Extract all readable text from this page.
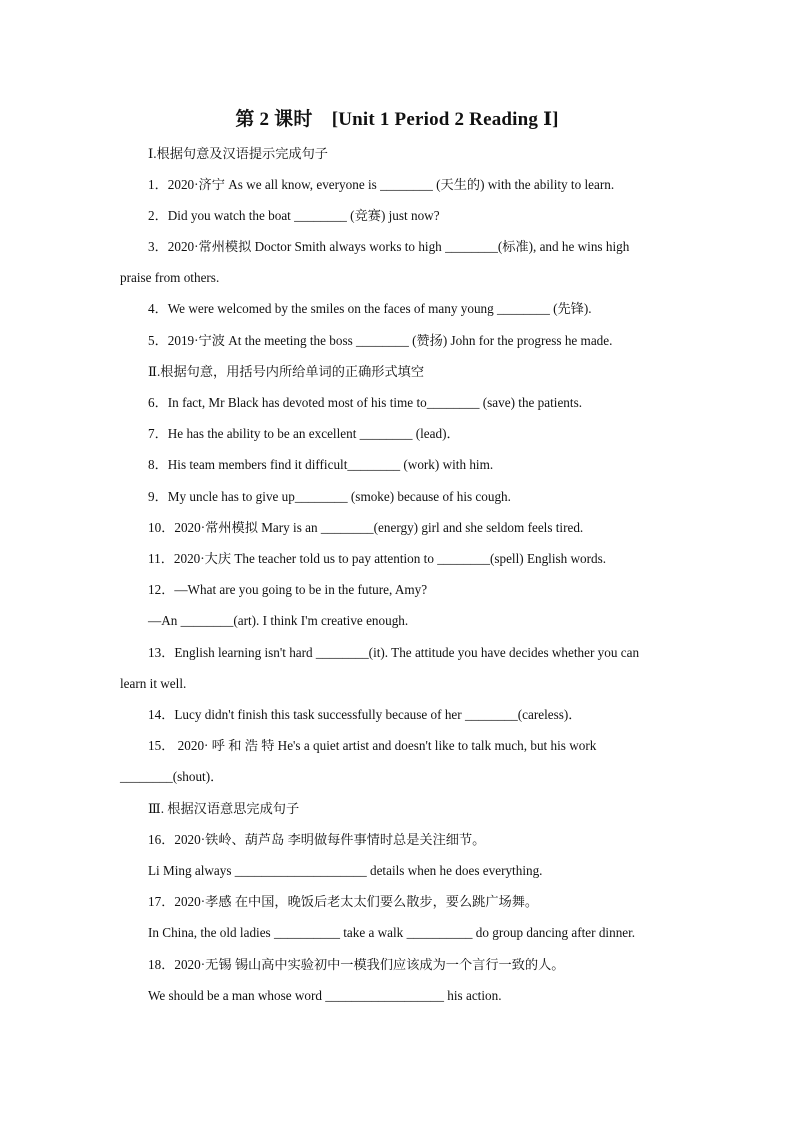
第 2 课时　[Unit 1 Period 2 Reading Ⅰ]
Ⅰ.根据句意及汉语提示完成句子
1．2020·济宁 As we all know, everyone is ________ (天生的) with the ability to learn.
2．Did you watch the boat ________ (竞赛) just now?
3．2020·常州模拟 Doctor Smith always works to high ________(标准), and he wins high
praise from others.
4．We were welcomed by the smiles on the faces of many young ________ (先锋).
5．2019·宁波 At the meeting the boss ________ (赞扬) John for the progress he made.
Ⅱ.根据句意，用括号内所给单词的正确形式填空
6．In fact, Mr Black has devoted most of his time to________ (save) the patients.
7．He has the ability to be an excellent ________ (lead)．
8．His team members find it difficult________ (work) with him.
9．My uncle has to give up________ (smoke) because of his cough.
10．2020·常州模拟 Mary is an ________(energy) girl and she seldom feels tired.
11．2020·大庆 The teacher told us to pay attention to ________(spell) English words.
12．—What are you going to be in the future, Amy?
—An ________(art). I think I'm creative enough.
13．English learning isn't hard ________(it). The attitude you have decides whether you can
learn it well.
14．Lucy didn't finish this task successfully because of her ________(careless)．
15． 2020· 呼 和 浩 特 He's a quiet artist and doesn't like to talk much, but his work
________(shout)．
Ⅲ. 根据汉语意思完成句子
16．2020·铁岭、葫芦岛 李明做每件事情时总是关注细节。
Li Ming always ____________________ details when he does everything.
17．2020·孝感 在中国，晚饭后老太太们要么散步，要么跳广场舞。
In China, the old ladies __________ take a walk __________ do group dancing after dinner.
18．2020·无锡 锡山高中实验初中一模我们应该成为一个言行一致的人。
We should be a man whose word __________________ his action.
